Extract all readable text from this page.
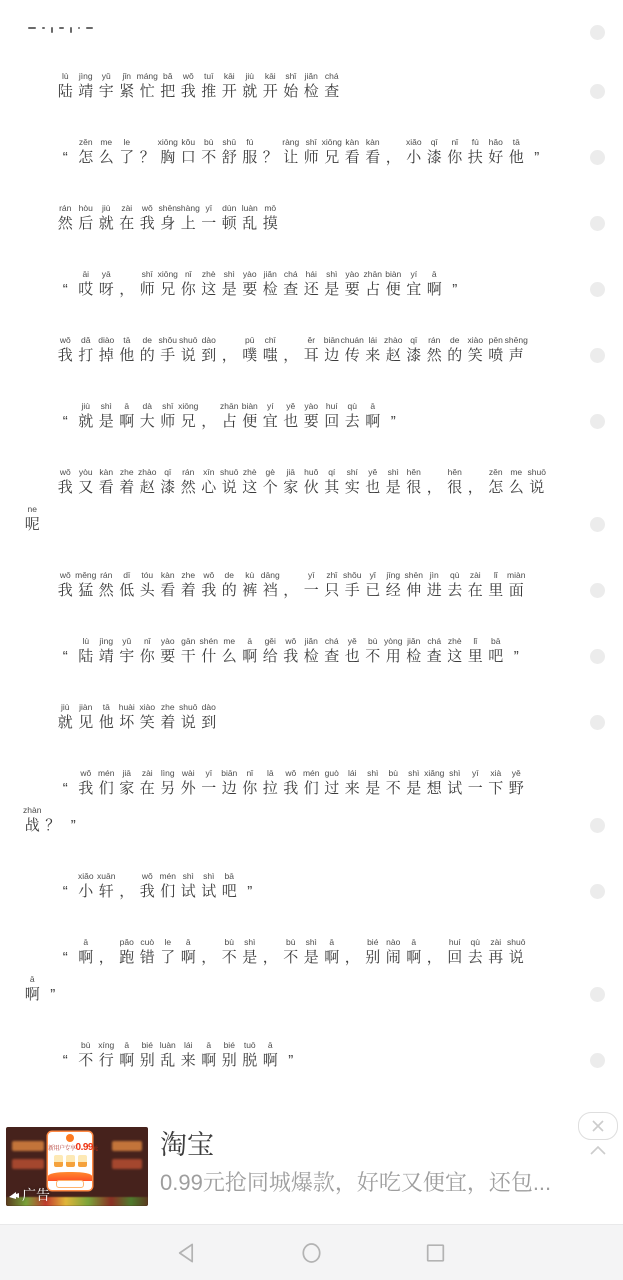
lù
陆
jìng
靖
yǔ
宇
jǐn
紧
máng
忙
bǎ
把
wǒ
我
tuī
推
kāi
开
jiù
就
kāi
开
shǐ
始
jiǎn
检
chá
查

“
zěn
怎
me
么
le
了
？
xiōng
胸
kǒu
口
bù
不
shū
舒
fú
服
？
ràng
让
shī
师
xiōng
兄
kàn
看
kàn
看
，
xiǎo
小
qī
漆
nǐ
你
fú
扶
hǎo
好
tā
他
”
rán
然
hòu
后
jiù
就
zài
在
wǒ
我
shēn
身
shàng
上
yī
一
dùn
顿
luàn
乱
mō
摸

“
āi
哎
yā
呀
，
shī
师
xiōng
兄
nǐ
你
zhè
这
shì
是
yào
要
jiǎn
检
chá
查
hái
还
shì
是
yào
要
zhān
占
biàn
便
yí
宜
ā
啊
”
wǒ
我
dǎ
打
diào
掉
tā
他
de
的
shǒu
手
shuō
说
dào
到
，
pū
噗
chī
嗤
，
ěr
耳
biān
边
chuán
传
lái
来
zhào
赵
qī
漆
rán
然
de
的
xiào
笑
pēn
喷
shēng
声

“
jiù
就
shì
是
ā
啊
dà
大
shī
师
xiōng
兄
，
zhān
占
biàn
便
yí
宜
yě
也
yào
要
huí
回
qù
去
ā
啊
”
wǒ
我
yòu
又
kàn
看
zhe
着
zhào
赵
qī
漆
rán
然
xīn
心
shuō
说
zhè
这
gè
个
jiā
家
huǒ
伙
qí
其
shí
实
yě
也
shì
是
hěn
很
，
hěn
很
，
zěn
怎
me
么
shuō
说
ne
呢
wǒ
我
měng
猛
rán
然
dī
低
tóu
头
kàn
看
zhe
着
wǒ
我
de
的
kù
裤
dāng
裆
，
yī
一
zhǐ
只
shǒu
手
yǐ
已
jīng
经
shēn
伸
jìn
进
qù
去
zài
在
lǐ
里
miàn
面

“
lù
陆
jìng
靖
yǔ
宇
nǐ
你
yào
要
gān
干
shén
什
me
么
ā
啊
gěi
给
wǒ
我
jiǎn
检
chá
查
yě
也
bù
不
yòng
用
jiǎn
检
chá
查
zhè
这
lǐ
里
bā
吧
”
jiù
就
jiàn
见
tā
他
huài
坏
xiào
笑
zhe
着
shuō
说
dào
到

“
wǒ
我
mén
们
jiā
家
zài
在
lìng
另
wài
外
yī
一
biān
边
nǐ
你
lā
拉
wǒ
我
mén
们
guò
过
lái
来
shì
是
bù
不
shì
是
xiǎng
想
shì
试
yī
一
xià
下
yě
野
zhàn
战
？
”

“
xiǎo
小
xuān
轩
，
wǒ
我
mén
们
shì
试
shì
试
bā
吧
”

“
ā
啊
，
pǎo
跑
cuò
错
le
了
ā
啊
，
bù
不
shì
是
，
bù
不
shì
是
ā
啊
，
bié
别
nào
闹
ā
啊
，
huí
回
qù
去
zài
再
shuō
说
ā
啊
”

“
bù
不
xíng
行
ā
啊
bié
别
luàn
乱
lái
来
ā
啊
bié
别
tuō
脱
ā
啊
”
新用户专享0.99元
广告
淘宝
0.99元抢同城爆款，好吃又便宜，还包...
